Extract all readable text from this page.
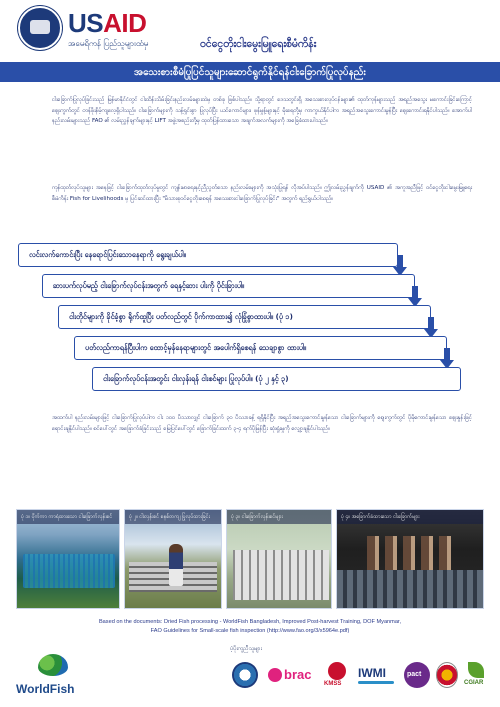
USAID
အမေရိကန် ပြည်သူများထံမှ	ဝင်ငွေတိုးငါးမွေးမြူရေးစီမံကိန်း
အသေးစားစီမံပြုပြင်သူများဆောင်ရွက်နိုင်ရန်ငါးခြောက်ပြုလုပ်နည်း
ငါးခြောက်ပြုလုပ်ခြင်းသည် မြန်မာနိုင်ငံတွင် ငါးထိန်းသိမ်းခြင်းနည်းလမ်းများထဲမှ တစ်ခု ဖြစ်ပါသည်။ သို့ရာတွင် ဒေသတွင်းရှိ အသေးစားလုပ်ငန်းများ၏ ထုတ်ကုန်များသည် အရည်အသွေး မကောင်းခြင်းကြောင့် ဈေးကွက်တွင် တန်ဖိုးနိမ့်ကျလေ့ရှိပါသည်။ ငါးခြောက်များကို သန့်ရှင်းစွာ ပြုလုပ်ပြီး ယင်ကောင်များ၊ ဖုန်မှုန့်များနှင့် မိုးရေတို့မှ ကာကွယ်နိုင်ပါက အရည်အသွေးကောင်းမွန်ပြီး ဈေးကောင်းရနိုင်ပါသည်။ အောက်ပါ နည်းလမ်းများသည် FAO ၏ လမ်းညွှန်ချက်များနှင့် LIFT အဖွဲ့အစည်းတို့မှ ထုတ်ပြန်ထားသော အချက်အလက်များကို အခြေခံထားပါသည်။
ကုန်ထုတ်လုပ်သူများ အနေဖြင့် ငါးခြောက်ထုတ်လုပ်မှုတွင် ကျန်းမာရေးနှင့်ညီညွတ်သော နည်းလမ်းများကို အသုံးပြုရန် လိုအပ်ပါသည်။ ဤလမ်းညွှန်ချက်ကို USAID ၏ အကူအညီဖြင့် ဝင်ငွေတိုးငါးမွေးမြူရေးစီမံကိန်း Fish for Livelihoods မှ ပြင်ဆင်ထားပြီး "မိသားစုဝင်ငွေတိုးစေရန် အသေးစားငါးခြောက်ပြုလုပ်ခြင်း" အတွက် ရည်ရွယ်ပါသည်။
လင်းလက်ကောင်းပြီး နေရောင်ပြင်းသောနေရာကို ရွေးချယ်ပါ။
ဆားပက်လုပ်မည့် ငါးခြောက်လုပ်ငန်းအတွက် ရေနှင့်ဆား ပါးကို ပိုင်းခြားပါ။
ငါးတိုင်များကို ခိုင်ခံ့စွာ ရိုက်ထူပြီး ပတ်လည်တွင် ပိုက်ကာထား၍ လုံခြုံစွာထားပါ။ (ပုံ ၁)
ပတ်လည်ကာရန်ပြီးပါက ထောင့်မှန်နေရာများတွင် အပေါက်ရှိစေရန် သေချာစွာ ထားပါ။
ငါးခြောက်လုပ်ငန်းအတွင်း ငါးလှန်းရန် ငါးစင်များ ပြုလုပ်ပါ။ (ပုံ ၂ နှင့် ၃)
အထက်ပါ နည်းလမ်းများဖြင့် ငါးခြောက်ပြုလုပ်ပါက ငါး ၁၀၀ ပိဿာလျှင် ငါးခြောက် ၃၀ ပိဿာခန့် ရရှိနိုင်ပြီး အရည်အသွေးကောင်းမွန်သော ငါးခြောက်များကို ဈေးကွက်တွင် ပိုမိုကောင်းမွန်သော ဈေးနှုန်းဖြင့် ရောင်းချနိုင်ပါသည်။ စင်ပေါ်တွင် အခြောက်ခံခြင်းသည် မြေပြင်ပေါ်တွင် ခြောက်ခြင်းထက် ၃-၄ ရက်ပိုမြန်ပြီး ဆုံးရှုံးမှုကို လျှော့ချနိုင်ပါသည်။
ပုံ ၁။ ပိုက်ကာ ကာရံထားသော ငါးခြောက်လှန်းစင်	ပုံ ၂။ ငါးလှန်းစင် စနစ်တကျ ပြုလုပ်ထားခြင်း	ပုံ ၃။ ငါးခြောက်လှန်းစင်များ	ပုံ ၄။ အခြောက်ခံထားသော ငါးခြောက်များ
Based on the documents: Dried Fish processing - WorldFish Bangladesh, Improved Post-harvest Training, DOF Myanmar,
FAO Guidelines for Small-scale fish inspection (http://www.fao.org/3/x5964e.pdf)
WorldFish
ပံ့ပိုးကူညီသူများ
brac
KMSS
IWMI	pact
CGIAR
